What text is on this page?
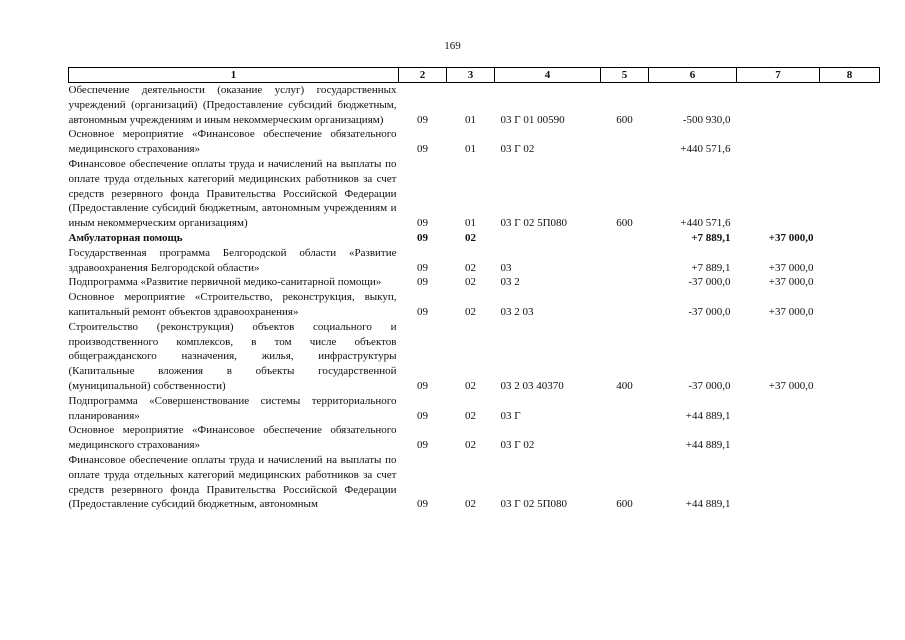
169
1	2	3	4	5	6	7	8
Обеспечение деятельности (оказание услуг) государственных учреждений (организаций) (Предоставление субсидий бюджетным, автономным учреждениям и иным некоммерческим организациям)	09	01	03 Г 01 00590	600	-500 930,0		
Основное мероприятие «Финансовое обеспечение обязательного медицинского страхования»	09	01	03 Г 02		+440 571,6		
Финансовое обеспечение оплаты труда и начислений на выплаты по оплате труда отдельных категорий медицинских работников за счет средств резервного фонда Правительства Российской Федерации (Предоставление субсидий бюджетным, автономным учреждениям и иным некоммерческим организациям)	09	01	03 Г 02 5П080	600	+440 571,6		
Амбулаторная помощь	09	02			+7 889,1	+37 000,0	
Государственная программа Белгородской области «Развитие здравоохранения Белгородской области»	09	02	03		+7 889,1	+37 000,0	
Подпрограмма «Развитие первичной медико-санитарной помощи»	09	02	03 2		-37 000,0	+37 000,0	
Основное мероприятие «Строительство, реконструкция, выкуп, капитальный ремонт объектов здравоохранения»	09	02	03 2 03		-37 000,0	+37 000,0	
Строительство (реконструкция) объектов социального и производственного комплексов, в том числе объектов общегражданского назначения, жилья, инфраструктуры (Капитальные вложения в объекты государственной (муниципальной) собственности)	09	02	03 2 03 40370	400	-37 000,0	+37 000,0	
Подпрограмма «Совершенствование системы территориального планирования»	09	02	03 Г		+44 889,1		
Основное мероприятие «Финансовое обеспечение обязательного медицинского страхования»	09	02	03 Г 02		+44 889,1		
Финансовое обеспечение оплаты труда и начислений на выплаты по оплате труда отдельных категорий медицинских работников за счет средств резервного фонда Правительства Российской Федерации (Предоставление субсидий бюджетным, автономным	09	02	03 Г 02 5П080	600	+44 889,1		
